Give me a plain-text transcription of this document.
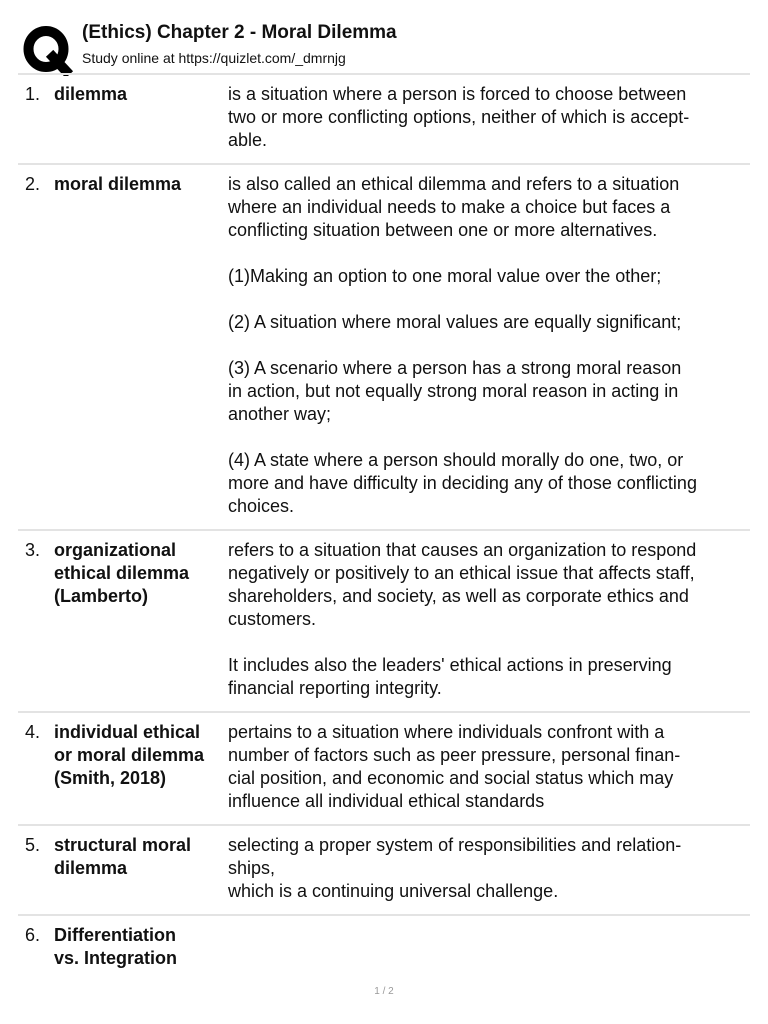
(Ethics) Chapter 2 - Moral Dilemma
Study online at https://quizlet.com/_dmrnjg
1. dilemma	is a situation where a person is forced to choose between
two or more conflicting options, neither of which is accept-
able.
2. moral dilemma	is also called an ethical dilemma and refers to a situation
where an individual needs to make a choice but faces a
conflicting situation between one or more alternatives.

(1)Making an option to one moral value over the other;

(2) A situation where moral values are equally significant;

(3) A scenario where a person has a strong moral reason
in action, but not equally strong moral reason in acting in
another way;

(4) A state where a person should morally do one, two, or
more and have difficulty in deciding any of those conflicting
choices.
3. organizational
ethical dilemma
(Lamberto)
refers to a situation that causes an organization to respond
negatively or positively to an ethical issue that affects staff,
shareholders, and society, as well as corporate ethics and
customers.

It includes also the leaders' ethical actions in preserving
financial reporting integrity.
4. individual ethical
or moral dilemma
(Smith, 2018)
pertains to a situation where individuals confront with a
number of factors such as peer pressure, personal finan-
cial position, and economic and social status which may
influence all individual ethical standards
5. structural moral
dilemma
selecting a proper system of responsibilities and relation-
ships,
which is a continuing universal challenge.
6. Differentiation
vs. Integration
1 / 2
